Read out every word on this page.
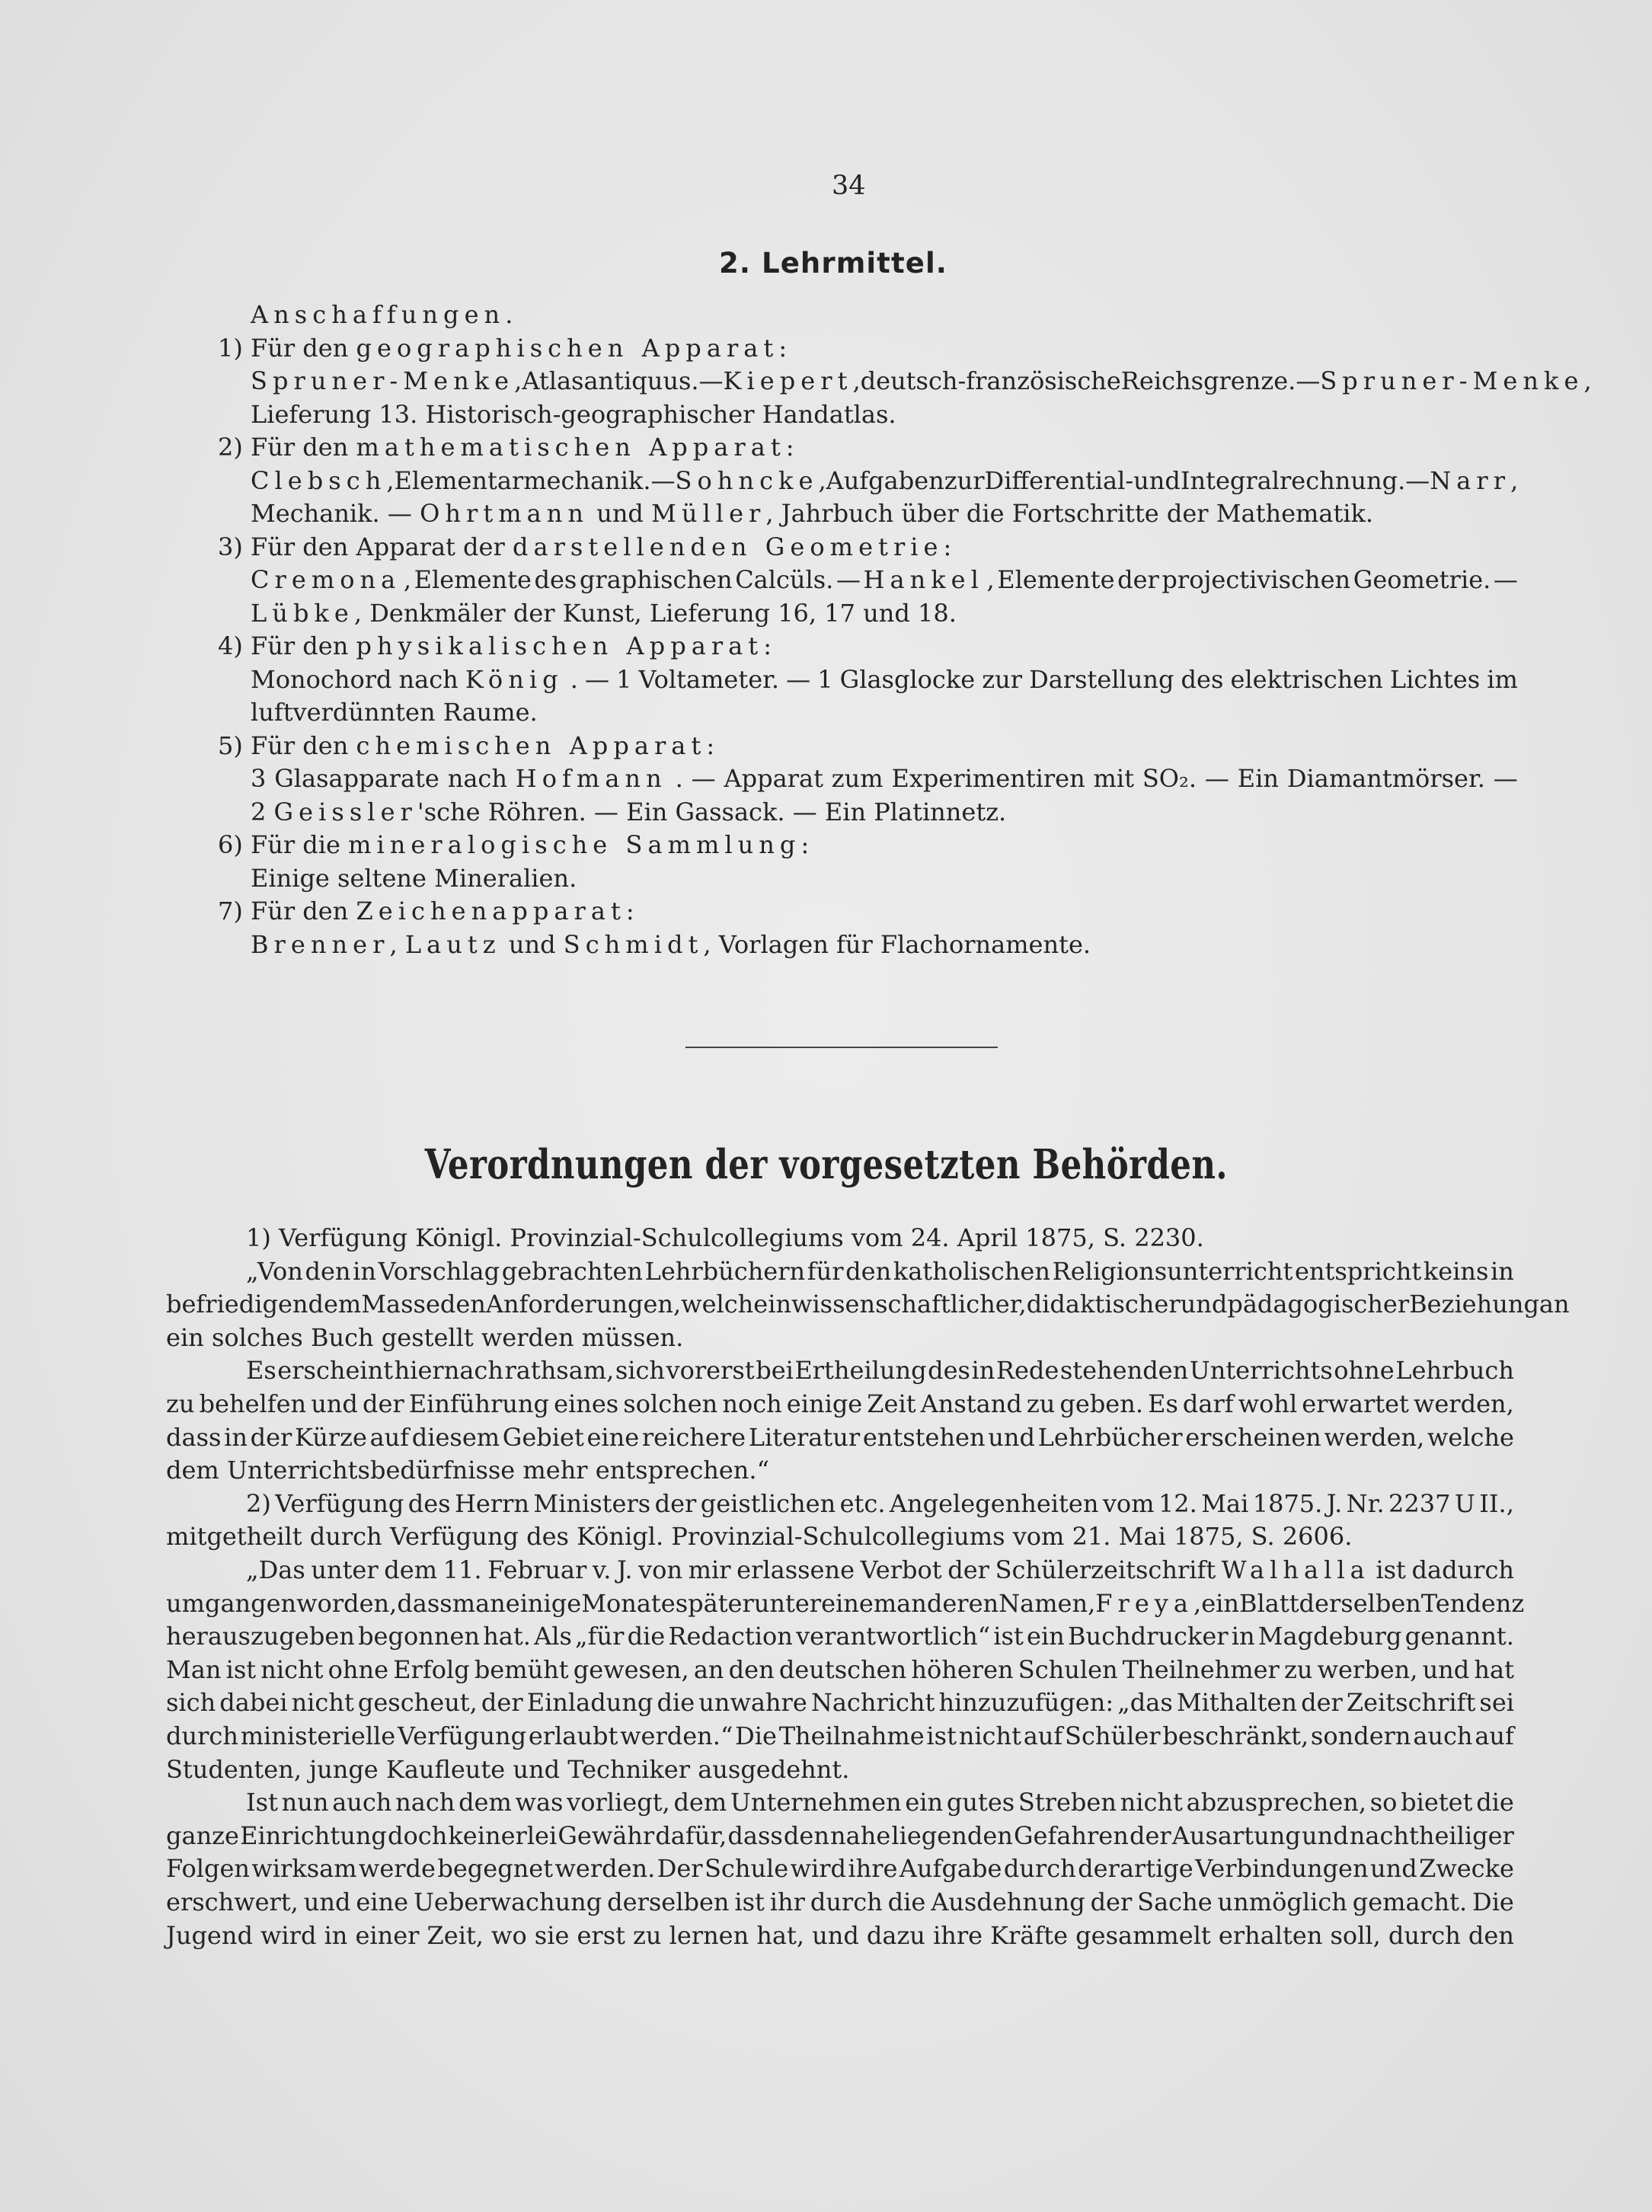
34
2. Lehrmittel.
Anschaffungen.
1) Für den geographischen Apparat:
Spruner-Menke , Atlas antiquus. — Kiepert , deutsch-französische Reichsgrenze. — Spruner-Menke ,
Lieferung 13. Historisch-geographischer Handatlas.
2) Für den mathematischen Apparat:
Clebsch , Elementarmechanik. — Sohncke , Aufgaben zur Differential- und Integralrechnung. — Narr ,
Mechanik. — Ohrtmann und Müller, Jahrbuch über die Fortschritte der Mathematik.
3) Für den Apparat der darstellenden Geometrie:
Cremona , Elemente des graphischen Calcüls. — Hankel , Elemente der projectivischen Geometrie. —
Lübke, Denkmäler der Kunst, Lieferung 16, 17 und 18.
4) Für den physikalischen Apparat:
Monochord nach König . — 1 Voltameter. — 1 Glasglocke zur Darstellung des elektrischen Lichtes im
luftverdünnten Raume.
5) Für den chemischen Apparat:
3 Glasapparate nach Hofmann . — Apparat zum Experimentiren mit SO₂. — Ein Diamantmörser. —
2 Geissler'sche Röhren. — Ein Gassack. — Ein Platinnetz.
6) Für die mineralogische Sammlung:
Einige seltene Mineralien.
7) Für den Zeichenapparat:
Brenner, Lautz und Schmidt, Vorlagen für Flachornamente.
Verordnungen der vorgesetzten Behörden.
1) Verfügung Königl. Provinzial-Schulcollegiums vom 24. April 1875, S. 2230.
„Von den in Vorschlag gebrachten Lehrbüchern für den katholischen Religionsunterricht entspricht keins in
befriedigendem Masse den Anforderungen, welche in wissenschaftlicher, didaktischer und pädagogischer Beziehung an
ein solches Buch gestellt werden müssen.
Es erscheint hiernach rathsam, sich vorerst bei Ertheilung des in Rede stehenden Unterrichts ohne Lehrbuch
zu behelfen und der Einführung eines solchen noch einige Zeit Anstand zu geben. Es darf wohl erwartet werden,
dass in der Kürze auf diesem Gebiet eine reichere Literatur entstehen und Lehrbücher erscheinen werden, welche
dem Unterrichtsbedürfnisse mehr entsprechen.“
2) Verfügung des Herrn Ministers der geistlichen etc. Angelegenheiten vom 12. Mai 1875. J. Nr. 2237 U II.,
mitgetheilt durch Verfügung des Königl. Provinzial-Schulcollegiums vom 21. Mai 1875, S. 2606.
„Das unter dem 11. Februar v. J. von mir erlassene Verbot der Schülerzeitschrift Walhalla ist dadurch
umgangen worden, dass man einige Monate später unter einem anderen Namen, Freya , ein Blatt derselben Tendenz
herauszugeben begonnen hat. Als „für die Redaction verantwortlich“ ist ein Buchdrucker in Magdeburg genannt.
Man ist nicht ohne Erfolg bemüht gewesen, an den deutschen höheren Schulen Theilnehmer zu werben, und hat
sich dabei nicht gescheut, der Einladung die unwahre Nachricht hinzuzufügen: „das Mithalten der Zeitschrift sei
durch ministerielle Verfügung erlaubt werden.“ Die Theilnahme ist nicht auf Schüler beschränkt, sondern auch auf
Studenten, junge Kaufleute und Techniker ausgedehnt.
Ist nun auch nach dem was vorliegt, dem Unternehmen ein gutes Streben nicht abzusprechen, so bietet die
ganze Einrichtung doch keinerlei Gewähr dafür, dass den nahe liegenden Gefahren der Ausartung und nachtheiliger
Folgen wirksam werde begegnet werden. Der Schule wird ihre Aufgabe durch derartige Verbindungen und Zwecke
erschwert, und eine Ueberwachung derselben ist ihr durch die Ausdehnung der Sache unmöglich gemacht. Die
Jugend wird in einer Zeit, wo sie erst zu lernen hat, und dazu ihre Kräfte gesammelt erhalten soll, durch den
